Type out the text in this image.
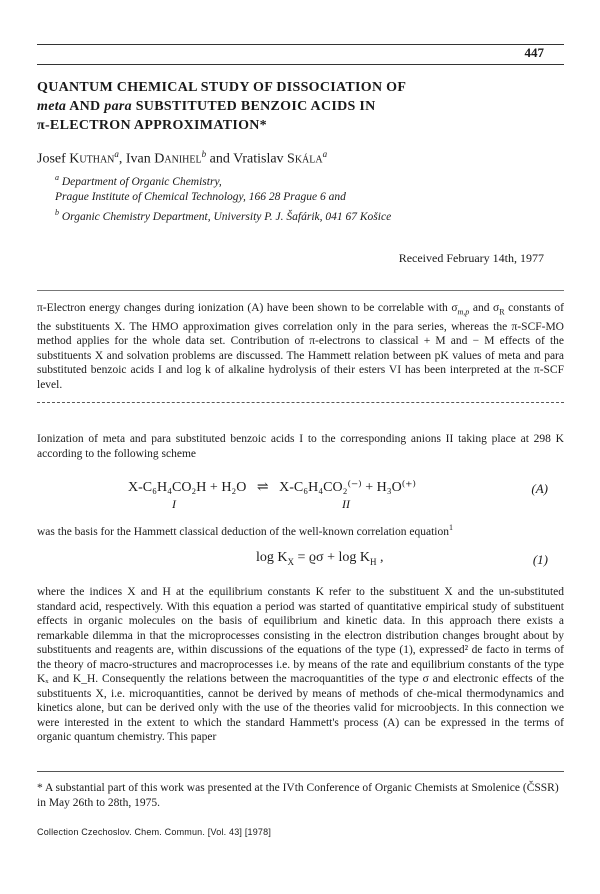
447
QUANTUM CHEMICAL STUDY OF DISSOCIATION OF
meta AND para SUBSTITUTED BENZOIC ACIDS IN
π-ELECTRON APPROXIMATION*
Josef Kuthan$^a$, Ivan Danihel$^b$ and Vratislav Skála$^a$
$^a$ Department of Organic Chemistry,
Prague Institute of Chemical Technology, 166 28 Prague 6 and
$^b$ Organic Chemistry Department, University P. J. Šafárik, 041 67 Košice
Received February 14th, 1977
π-Electron energy changes during ionization (A) have been shown to be correlable with $\sigma_{m,p}$ and $\sigma_R$ constants of the substituents X. The HMO approximation gives correlation only in the para series, whereas the π-SCF-MO method applies for the whole data set. Contribution of π-electrons to classical + M and − M effects of the substituents X and solvation problems are discussed. The Hammett relation between pK values of meta and para substituted benzoic acids I and log k of alkaline hydrolysis of their esters VI has been interpreted at the π-SCF level.
Ionization of meta and para substituted benzoic acids I to the corresponding anions II taking place at 298 K according to the following scheme
X-C₆H₄CO₂H + H₂O ⇌ X-C₆H₄CO₂⁽⁻⁾ + H₃O⁽⁺⁾	(A)
I	II
was the basis for the Hammett classical deduction of the well-known correlation equation$^1$
$\log K_X = ϱ\sigma + \log K_H$ ,	(1)
where the indices X and H at the equilibrium constants K refer to the substituent X and the un-substituted standard acid, respectively. With this equation a period was started of quantitative empirical study of substituent effects in organic molecules on the basis of equilibrium and kinetic data. In this approach there exists a remarkable dilemma in that the microprocesses consisting in the electron distribution changes brought about by substituents and reagents are, within discussions of the equations of the type (1), expressed² de facto in terms of the theory of macro-structures and macroprocesses i.e. by means of the rate and equilibrium constants of the type Kₓ and K_H. Consequently the relations between the macroquantities of the type σ and electronic effects of the substituents X, i.e. microquantities, cannot be derived by means of methods of che-mical thermodynamics and kinetics alone, but can be derived only with the use of the theories valid for microobjects. In this connection we were interested in the extent to which the standard Hammett's process (A) can be expressed in the terms of organic quantum chemistry. This paper
* A substantial part of this work was presented at the IVth Conference of Organic Chemists at Smolenice (ČSSR) in May 26th to 28th, 1975.
Collection Czechoslov. Chem. Commun. [Vol. 43] [1978]
